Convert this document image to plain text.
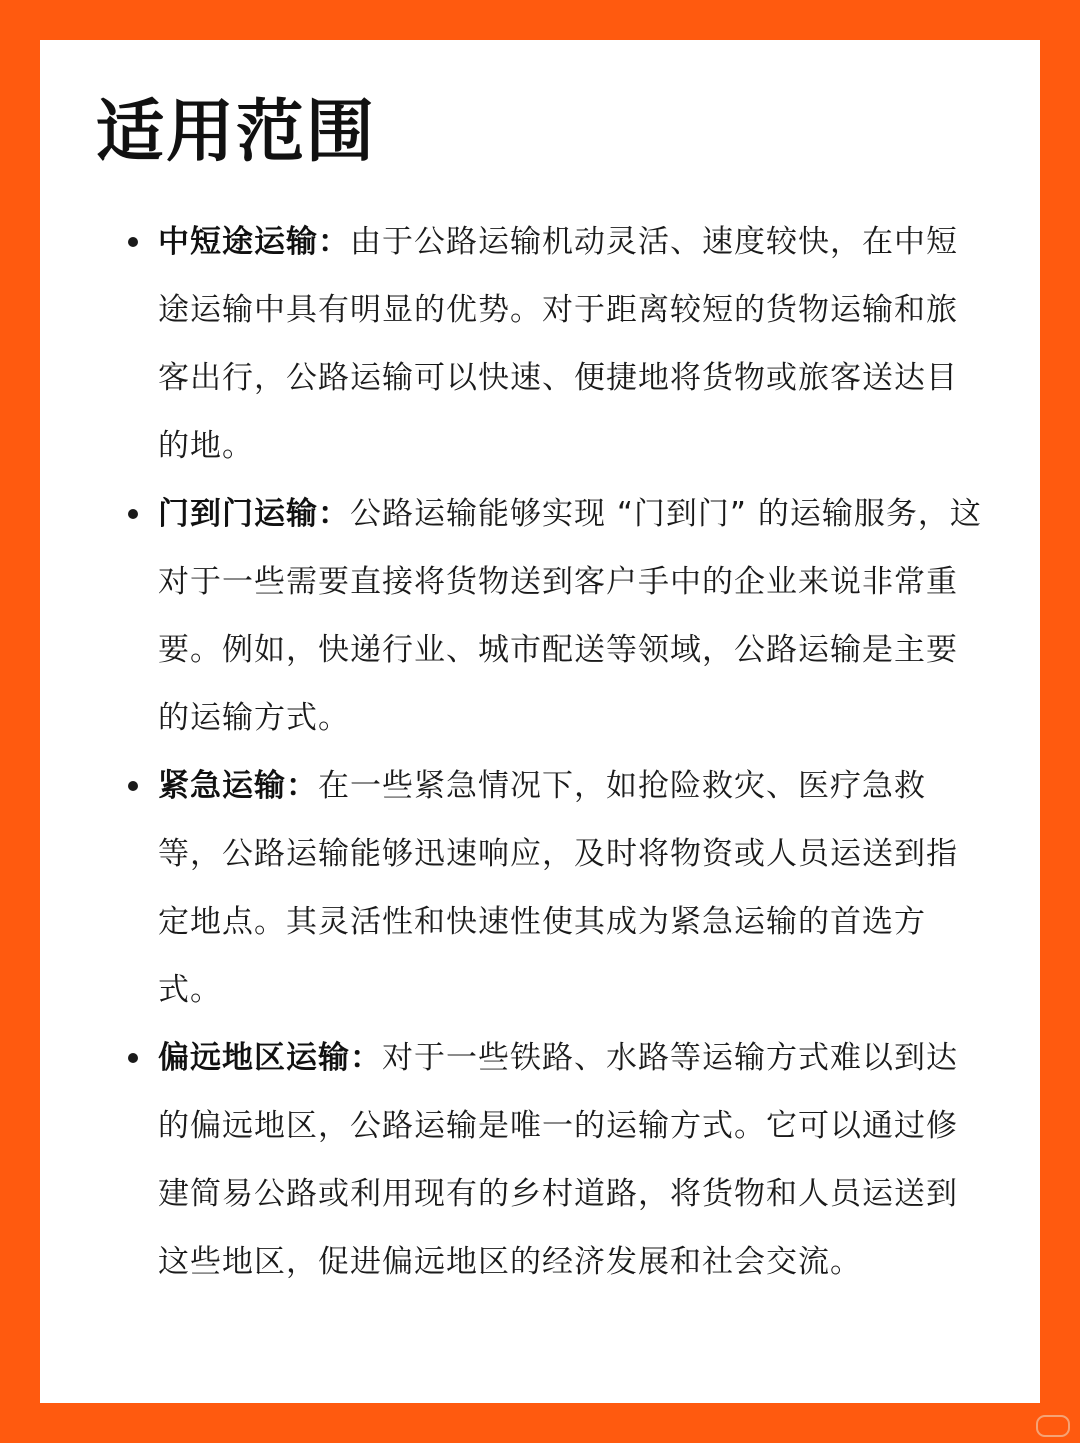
适用范围
中短途运输：由于公路运输机动灵活、速度较快，在中短途运输中具有明显的优势。对于距离较短的货物运输和旅客出行，公路运输可以快速、便捷地将货物或旅客送达目的地。
门到门运输：公路运输能够实现 “门到门” 的运输服务，这对于一些需要直接将货物送到客户手中的企业来说非常重要。例如，快递行业、城市配送等领域，公路运输是主要的运输方式。
紧急运输：在一些紧急情况下，如抢险救灾、医疗急救等，公路运输能够迅速响应，及时将物资或人员运送到指定地点。其灵活性和快速性使其成为紧急运输的首选方式。
偏远地区运输：对于一些铁路、水路等运输方式难以到达的偏远地区，公路运输是唯一的运输方式。它可以通过修建简易公路或利用现有的乡村道路，将货物和人员运送到这些地区，促进偏远地区的经济发展和社会交流。
